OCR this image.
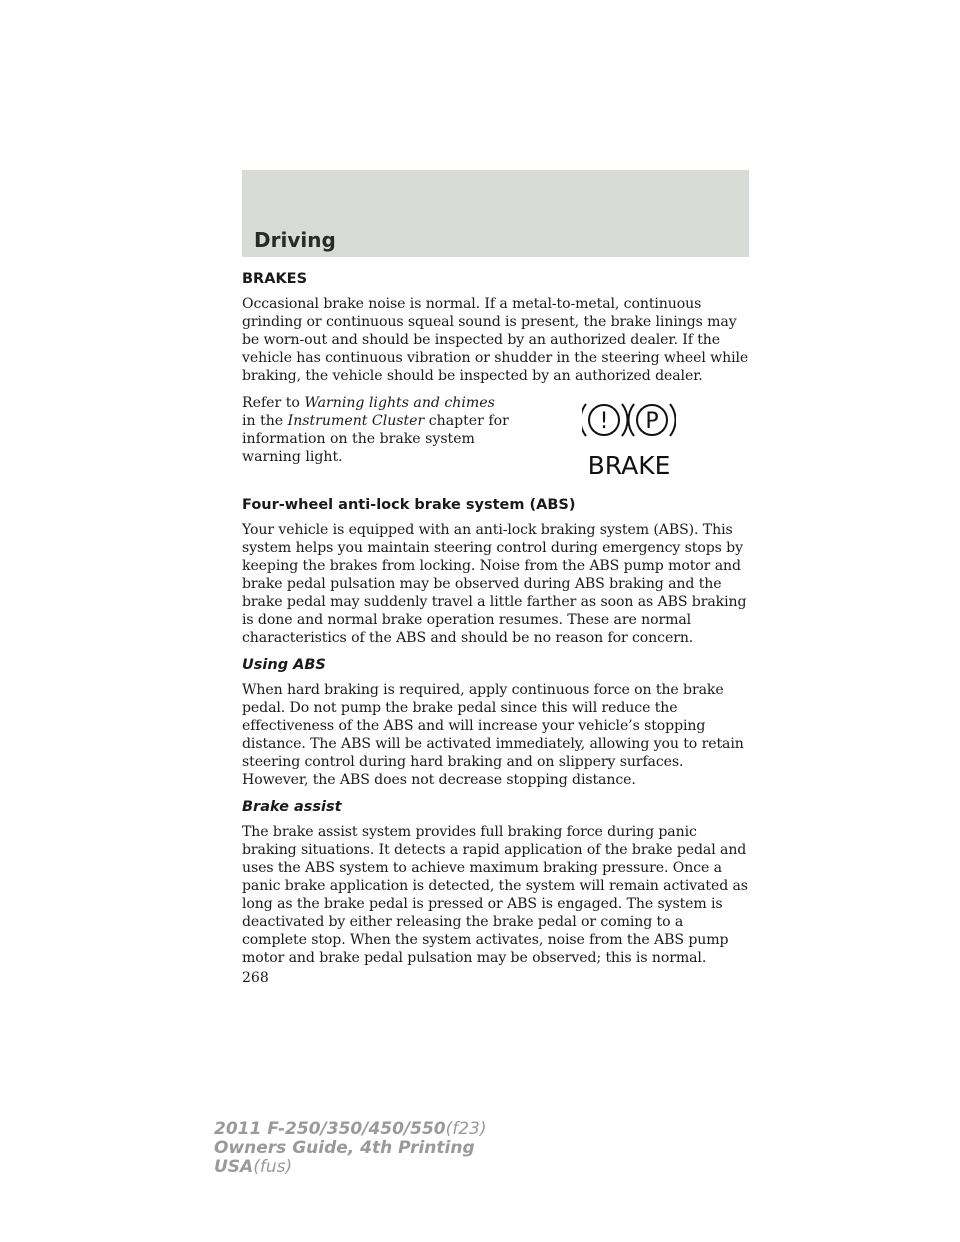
Driving
BRAKES

Occasional brake noise is normal. If a metal-to-metal, continuous grinding or continuous squeal sound is present, the brake linings may be worn-out and should be inspected by an authorized dealer. If the vehicle has continuous vibration or shudder in the steering wheel while braking, the vehicle should be inspected by an authorized dealer.

Refer to Warning lights and chimes in the Instrument Cluster chapter for information on the brake system warning light.

! P
BRAKE
Four-wheel anti-lock brake system (ABS)

Your vehicle is equipped with an anti-lock braking system (ABS). This system helps you maintain steering control during emergency stops by keeping the brakes from locking. Noise from the ABS pump motor and brake pedal pulsation may be observed during ABS braking and the brake pedal may suddenly travel a little farther as soon as ABS braking is done and normal brake operation resumes. These are normal characteristics of the ABS and should be no reason for concern.

Using ABS

When hard braking is required, apply continuous force on the brake pedal. Do not pump the brake pedal since this will reduce the effectiveness of the ABS and will increase your vehicle’s stopping distance. The ABS will be activated immediately, allowing you to retain steering control during hard braking and on slippery surfaces. However, the ABS does not decrease stopping distance.

Brake assist

The brake assist system provides full braking force during panic braking situations. It detects a rapid application of the brake pedal and uses the ABS system to achieve maximum braking pressure. Once a panic brake application is detected, the system will remain activated as long as the brake pedal is pressed or ABS is engaged. The system is deactivated by either releasing the brake pedal or coming to a complete stop. When the system activates, noise from the ABS pump motor and brake pedal pulsation may be observed; this is normal.

268
2011 F-250/350/450/550(f23)
Owners Guide, 4th Printing
USA(fus)
